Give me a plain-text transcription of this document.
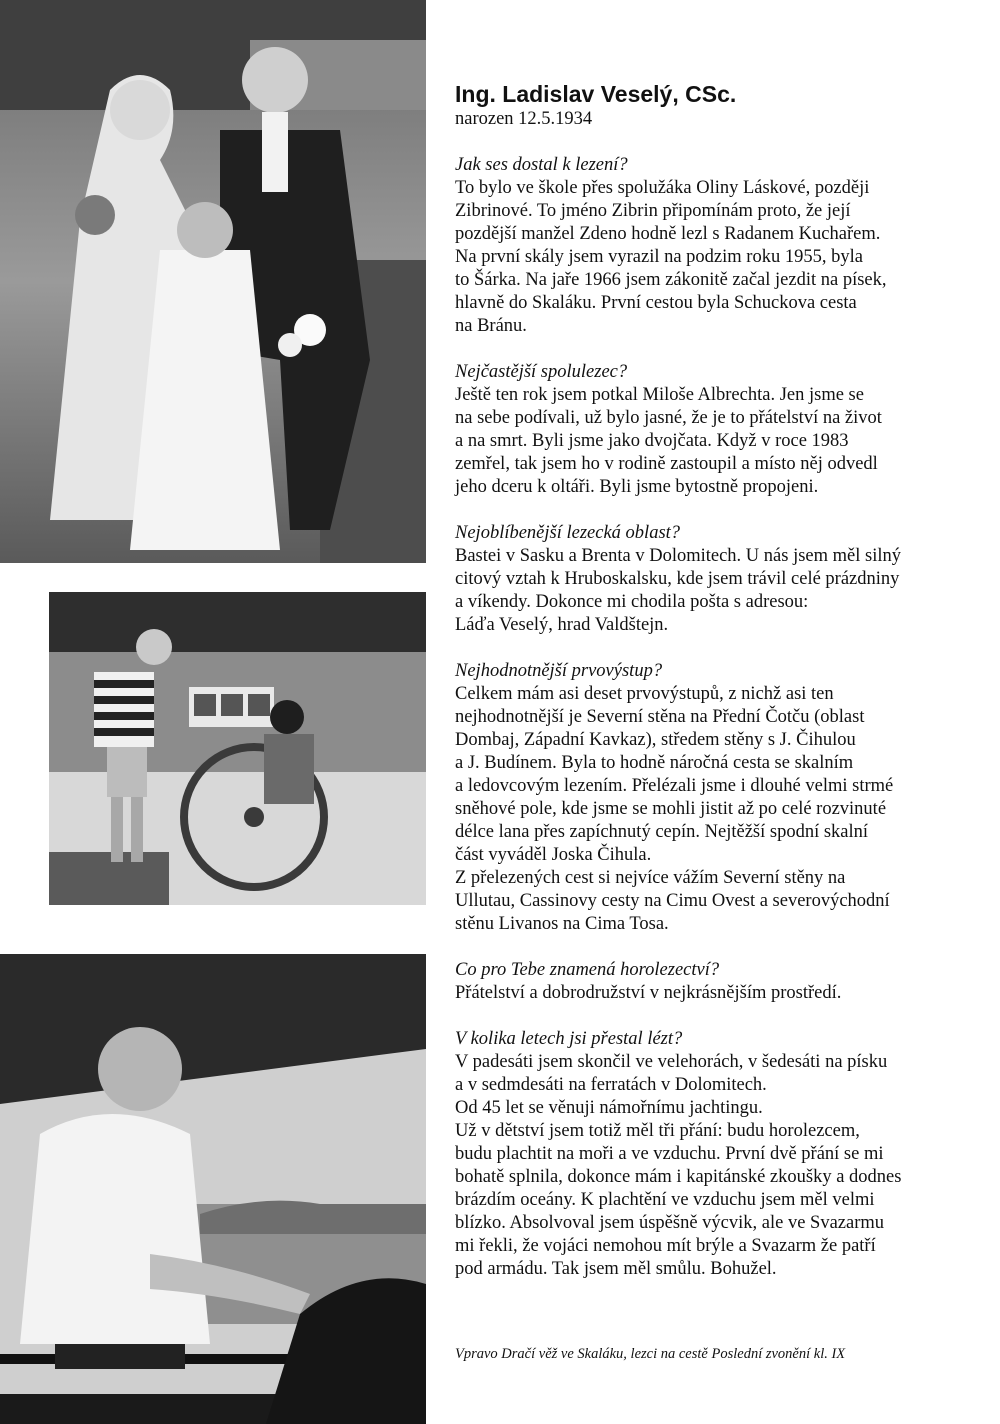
Ing. Ladislav Veselý, CSc.

narozen 12.5.1934

Jak ses dostal k lezení?

To bylo ve škole přes spolužáka Oliny Láskové, později
Zibrinové. To jméno Zibrin připomínám proto, že její
pozdější manžel Zdeno hodně lezl s Radanem Kuchařem.
Na první skály jsem vyrazil na podzim roku 1955, byla
to Šárka. Na jaře 1966 jsem zákonitě začal jezdit na písek,
hlavně do Skaláku. První cestou byla Schuckova cesta
na Bránu.

Nejčastější spolulezec?

Ještě ten rok jsem potkal Miloše Albrechta. Jen jsme se
na sebe podívali, už bylo jasné, že je to přátelství na život
a na smrt. Byli jsme jako dvojčata. Když v roce 1983
zemřel, tak jsem ho v rodině zastoupil a místo něj odvedl
jeho dceru k oltáři. Byli jsme bytostně propojeni.

Nejoblíbenější lezecká oblast?

Bastei v Sasku a Brenta v Dolomitech. U nás jsem měl silný
citový vztah k Hruboskalsku, kde jsem trávil celé prázdniny
a víkendy. Dokonce mi chodila pošta s adresou:
Láďa Veselý, hrad Valdštejn.

Nejhodnotnější prvovýstup?

Celkem mám asi deset prvovýstupů, z nichž asi ten
nejhodnotnější je Severní stěna na Přední Čotču (oblast
Dombaj, Západní Kavkaz), středem stěny s J. Čihulou
a J. Budínem. Byla to hodně náročná cesta se skalním
a ledovcovým lezením. Přelézali jsme i dlouhé velmi strmé
sněhové pole, kde jsme se mohli jistit až po celé rozvinuté
délce lana přes zapíchnutý cepín. Nejtěžší spodní skalní
část vyváděl Joska Čihula.
Z přelezených cest si nejvíce vážím Severní stěny na
Ullutau, Cassinovy cesty na Cimu Ovest a severovýchodní
stěnu Livanos na Cima Tosa.

Co pro Tebe znamená horolezectví?

Přátelství a dobrodružství v nejkrásnějším prostředí.

V kolika letech jsi přestal lézt?

V padesáti jsem skončil ve velehorách, v šedesáti na písku
a v sedmdesáti na ferratách v Dolomitech.
Od 45 let se věnuji námořnímu jachtingu.
Už v dětství jsem totiž měl tři přání: budu horolezcem,
budu plachtit na moři a ve vzduchu. První dvě přání se mi
bohatě splnila, dokonce mám i kapitánské zkoušky a dodnes
brázdím oceány. K plachtění ve vzduchu jsem měl velmi
blízko. Absolvoval jsem úspěšně výcvik, ale ve Svazarmu
mi řekli, že vojáci nemohou mít brýle a Svazarm že patří
pod armádu. Tak jsem měl smůlu. Bohužel.

Vpravo Dračí věž ve Skaláku, lezci na cestě Poslední zvonění kl. IX
